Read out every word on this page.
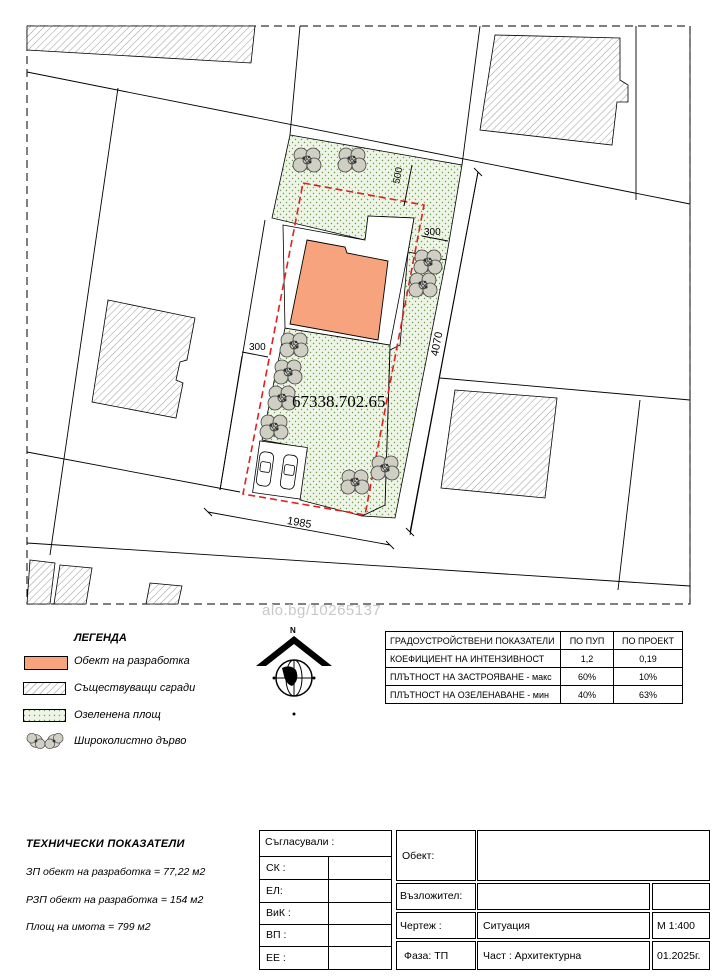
67338.702.65
1985
4070
500
300
300
alo.bg/10265137
ЛЕГЕНДА
Обект на разработка
Съществуващи сгради
Озеленена площ
Широколистно дърво
N
ГРАДОУСТРОЙСТВЕНИ ПОКАЗАТЕЛИ	ПО ПУП	ПО ПРОЕКТ
КОЕФИЦИЕНТ НА ИНТЕНЗИВНОСТ	1,2	0,19
ПЛЪТНОСТ НА ЗАСТРОЯВАНЕ - макс	60%	10%
ПЛЪТНОСТ НА ОЗЕЛЕНАВАНЕ - мин	40%	63%
ТЕХНИЧЕСКИ ПОКАЗАТЕЛИ
ЗП обект на разработка = 77,22 м2
РЗП обект на разработка = 154 м2
Площ на имота = 799 м2
Съгласували :
СК :
ЕЛ:
ВиК :
ВП :
ЕЕ :
Обект:
Възложител:
Чертеж :	Ситуация	М 1:400
Фаза: ТП	Част : Архитектурна	01.2025г.
